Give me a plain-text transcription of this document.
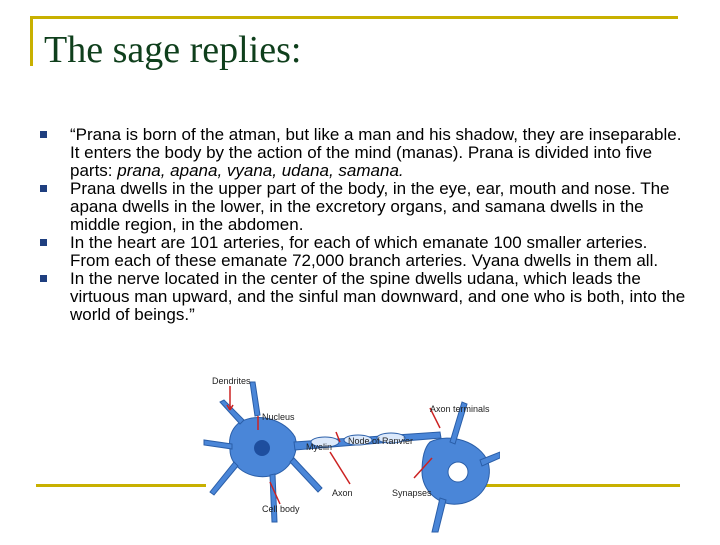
The sage replies:
“Prana is born of the atman, but like a man and his shadow, they are inseparable. It enters the body by the action of the mind (manas). Prana is divided into five parts: prana, apana, vyana, udana, samana.
Prana dwells in the upper part of the body, in the eye, ear, mouth and nose. The apana dwells in the lower, in the excretory organs, and samana dwells in the middle region, in the abdomen.
In the heart are 101 arteries, for each of which emanate 100 smaller arteries. From each of these emanate 72,000 branch arteries. Vyana dwells in them all.
In the nerve located in the center of the spine dwells udana, which leads the virtuous man upward, and the sinful man downward, and one who is both, into the world of beings.”
Dendrites
Nucleus
Myelin
Node of Ranvier
Axon terminals
Axon	Synapses
Cell body
